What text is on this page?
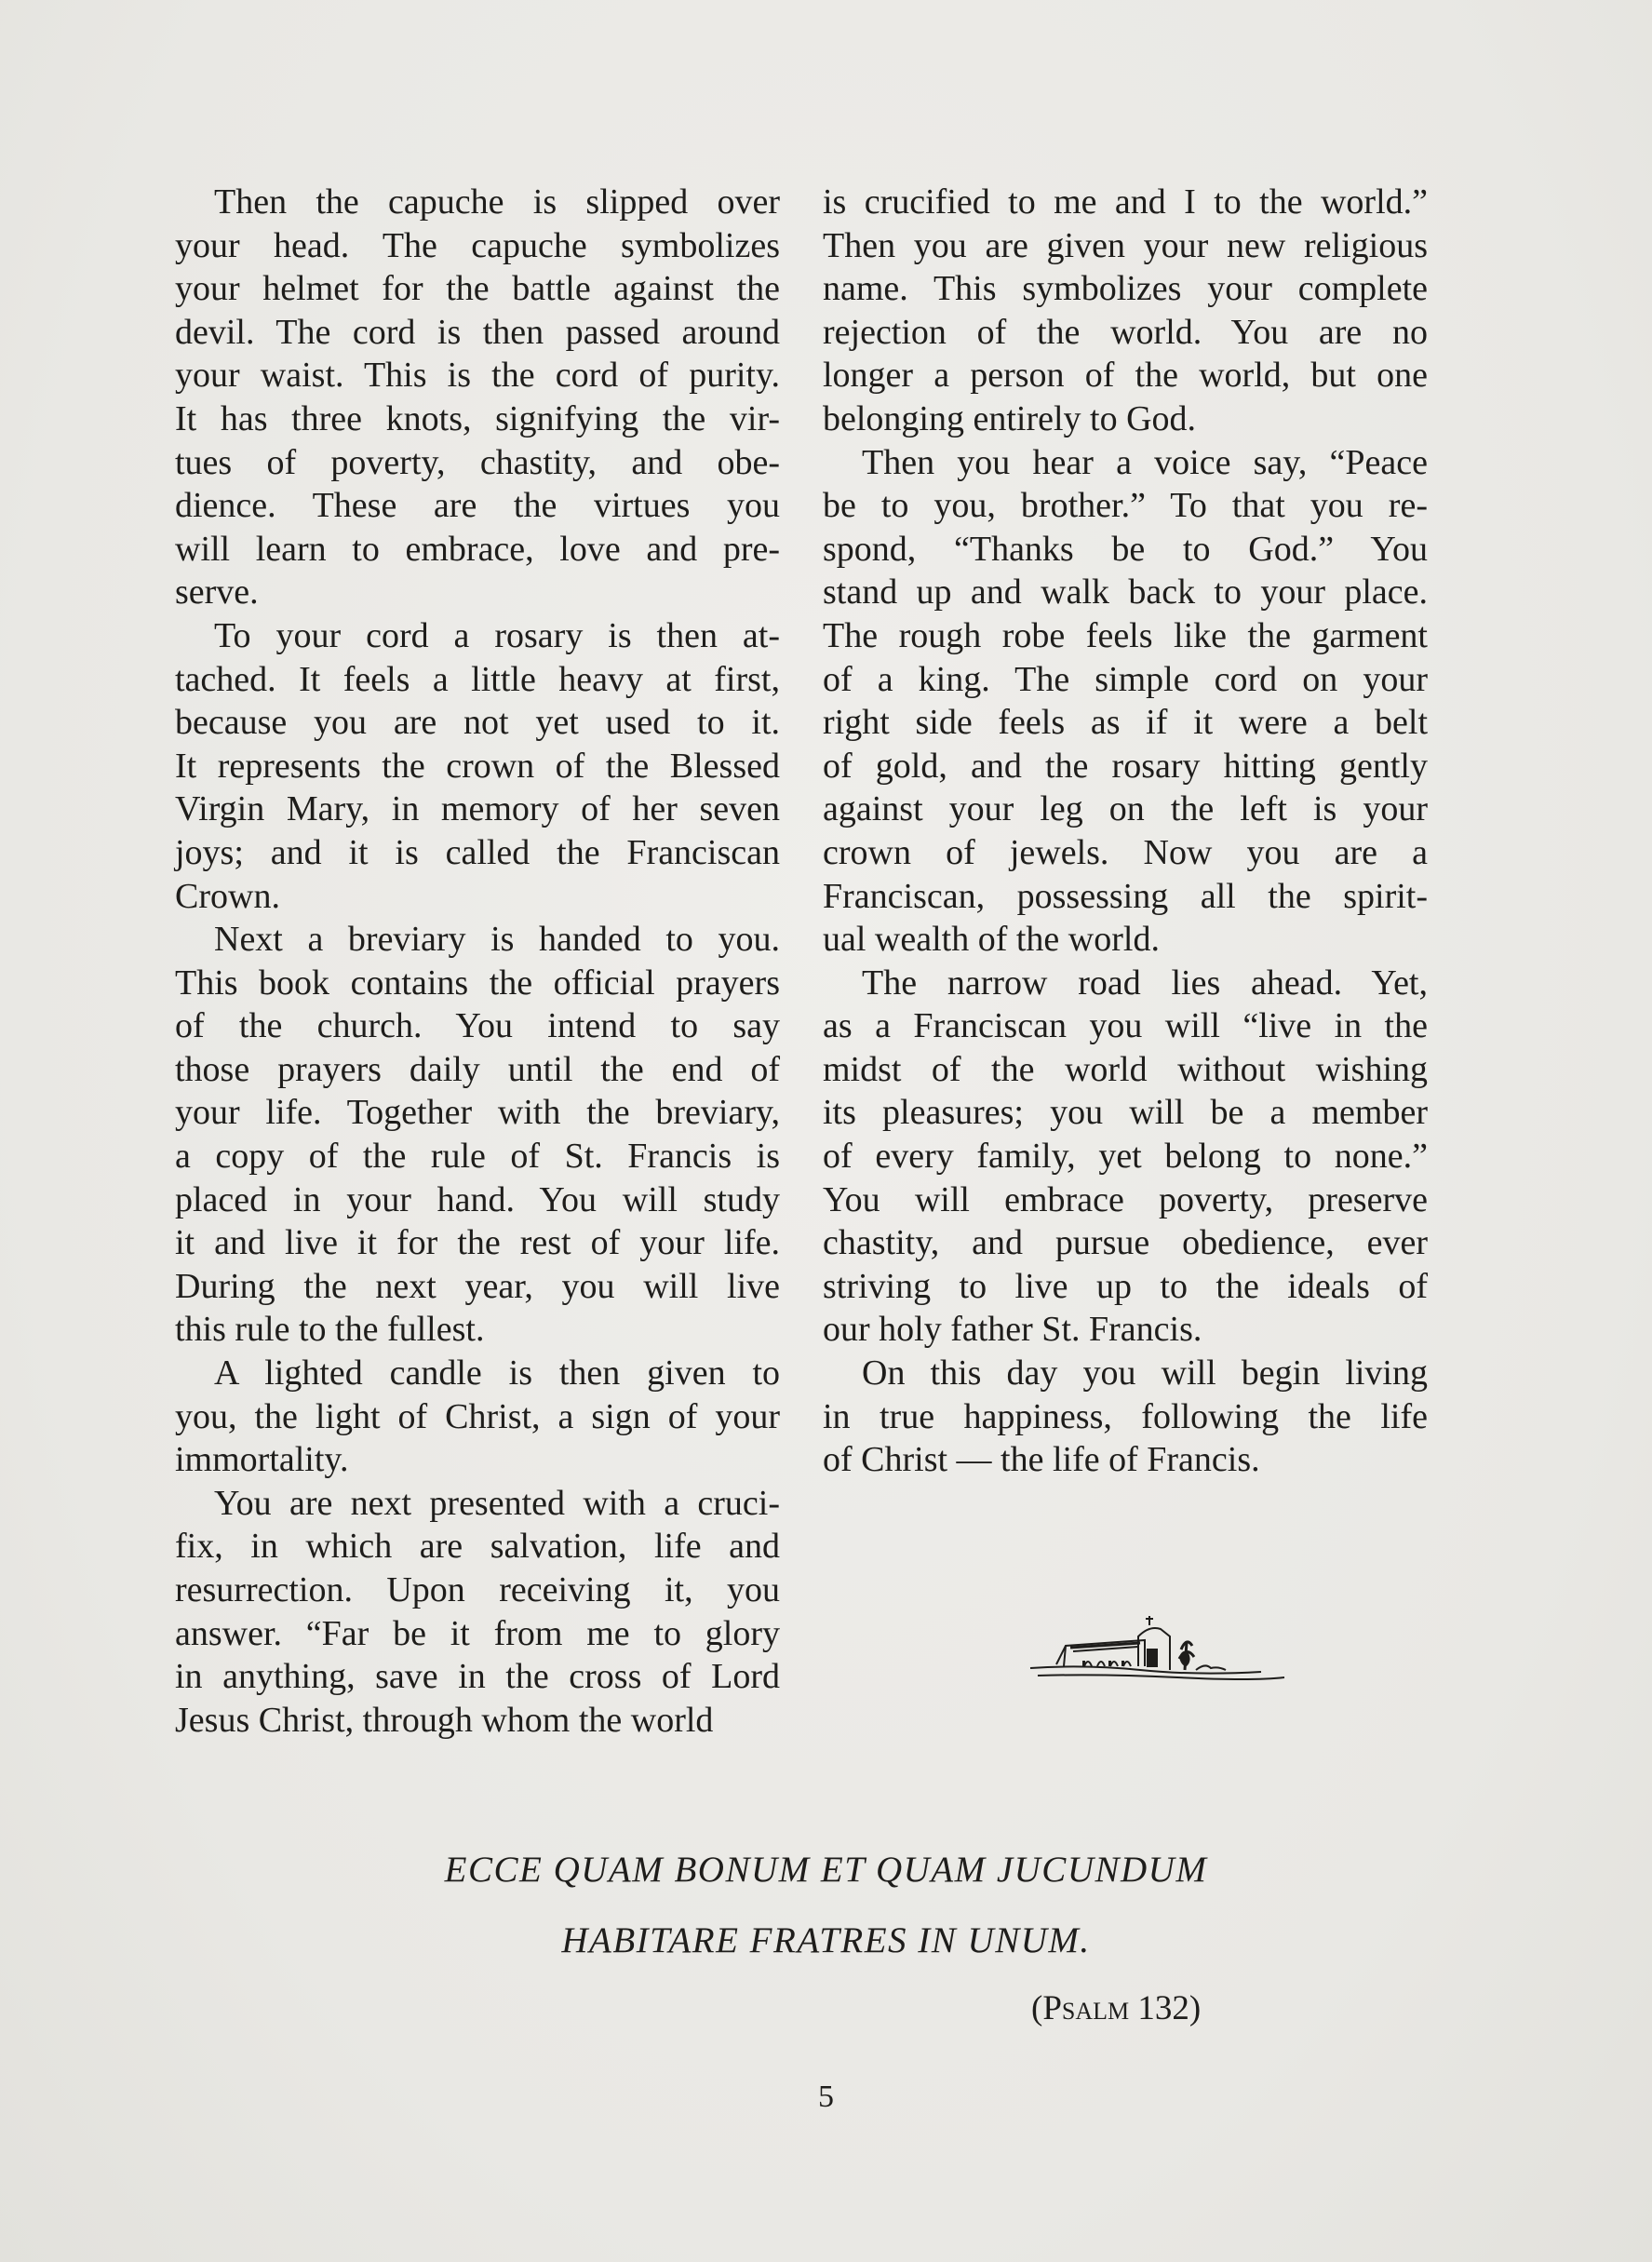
Then the capuche is slipped over
your head. The capuche symbolizes
your helmet for the battle against the
devil. The cord is then passed around
your waist. This is the cord of purity.
It has three knots, signifying the vir-
tues of poverty, chastity, and obe-
dience. These are the virtues you
will learn to embrace, love and pre-
serve.

To your cord a rosary is then at-
tached. It feels a little heavy at first,
because you are not yet used to it.
It represents the crown of the Blessed
Virgin Mary, in memory of her seven
joys; and it is called the Franciscan
Crown.

Next a breviary is handed to you.
This book contains the official prayers
of the church. You intend to say
those prayers daily until the end of
your life. Together with the breviary,
a copy of the rule of St. Francis is
placed in your hand. You will study
it and live it for the rest of your life.
During the next year, you will live
this rule to the fullest.

A lighted candle is then given to
you, the light of Christ, a sign of your
immortality.

You are next presented with a cruci-
fix, in which are salvation, life and
resurrection. Upon receiving it, you
answer. “Far be it from me to glory
in anything, save in the cross of Lord
Jesus Christ, through whom the world

is crucified to me and I to the world.”
Then you are given your new religious
name. This symbolizes your complete
rejection of the world. You are no
longer a person of the world, but one
belonging entirely to God.

Then you hear a voice say, “Peace
be to you, brother.” To that you re-
spond, “Thanks be to God.” You
stand up and walk back to your place.
The rough robe feels like the garment
of a king. The simple cord on your
right side feels as if it were a belt
of gold, and the rosary hitting gently
against your leg on the left is your
crown of jewels. Now you are a
Franciscan, possessing all the spirit-
ual wealth of the world.

The narrow road lies ahead. Yet,
as a Franciscan you will “live in the
midst of the world without wishing
its pleasures; you will be a member
of every family, yet belong to none.”
You will embrace poverty, preserve
chastity, and pursue obedience, ever
striving to live up to the ideals of
our holy father St. Francis.

On this day you will begin living
in true happiness, following the life
of Christ — the life of Francis.

ECCE QUAM BONUM ET QUAM JUCUNDUM
HABITARE FRATRES IN UNUM.
(Psalm 132)
5
